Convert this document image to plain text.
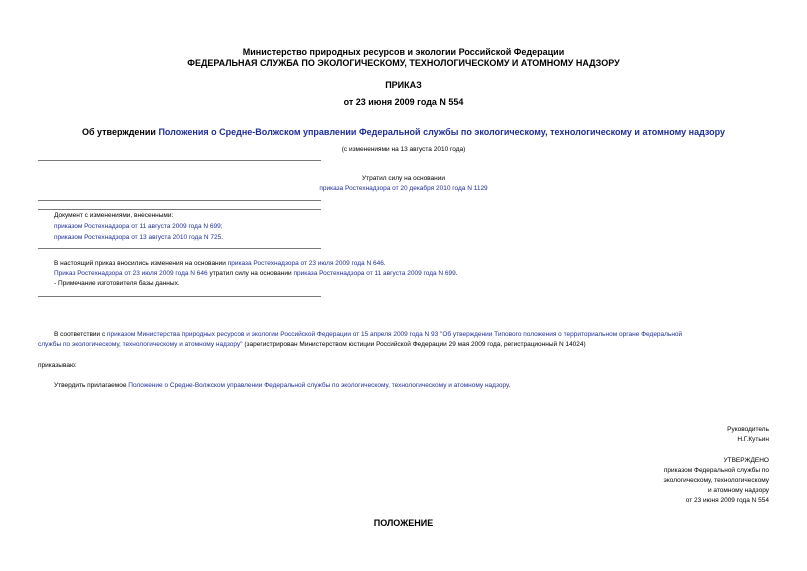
Министерство природных ресурсов и экологии Российской Федерации
ФЕДЕРАЛЬНАЯ СЛУЖБА ПО ЭКОЛОГИЧЕСКОМУ, ТЕХНОЛОГИЧЕСКОМУ И АТОМНОМУ НАДЗОРУ
ПРИКАЗ
от 23 июня 2009 года N 554
Об утверждении Положения о Средне-Волжском управлении Федеральной службы по экологическому, технологическому и атомному надзору
(с изменениями на 13 августа 2010 года)
Утратил силу на основании
приказа Ростехнадзора от 20 декабря 2010 года N 1129
Документ с изменениями, внесенными:
приказом Ростехнадзора от 11 августа 2009 года N 699;
приказом Ростехнадзора от 13 августа 2010 года N 725.
В настоящий приказ вносились изменения на основании приказа Ростехнадзора от 23 июля 2009 года N 646.
Приказ Ростехнадзора от 23 июля 2009 года N 646 утратил силу на основании приказа Ростехнадзора от 11 августа 2009 года N 699.
- Примечание изготовителя базы данных.
В соответствии с приказом Министерства природных ресурсов и экологии Российской Федерации от 15 апреля 2009 года N 93 "Об утверждении Типового положения о территориальном органе Федеральной
службы по экологическому, технологическому и атомному надзору" (зарегистрирован Министерством юстиции Российской Федерации 29 мая 2009 года, регистрационный N 14024)
приказываю:
Утвердить прилагаемое Положение о Средне-Волжском управлении Федеральной службы по экологическому, технологическому и атомному надзору.
Руководитель
Н.Г.Кутьин
УТВЕРЖДЕНО
приказом Федеральной службы по
экологическому, технологическому
и атомному надзору
от 23 июня 2009 года N 554
ПОЛОЖЕНИЕ
